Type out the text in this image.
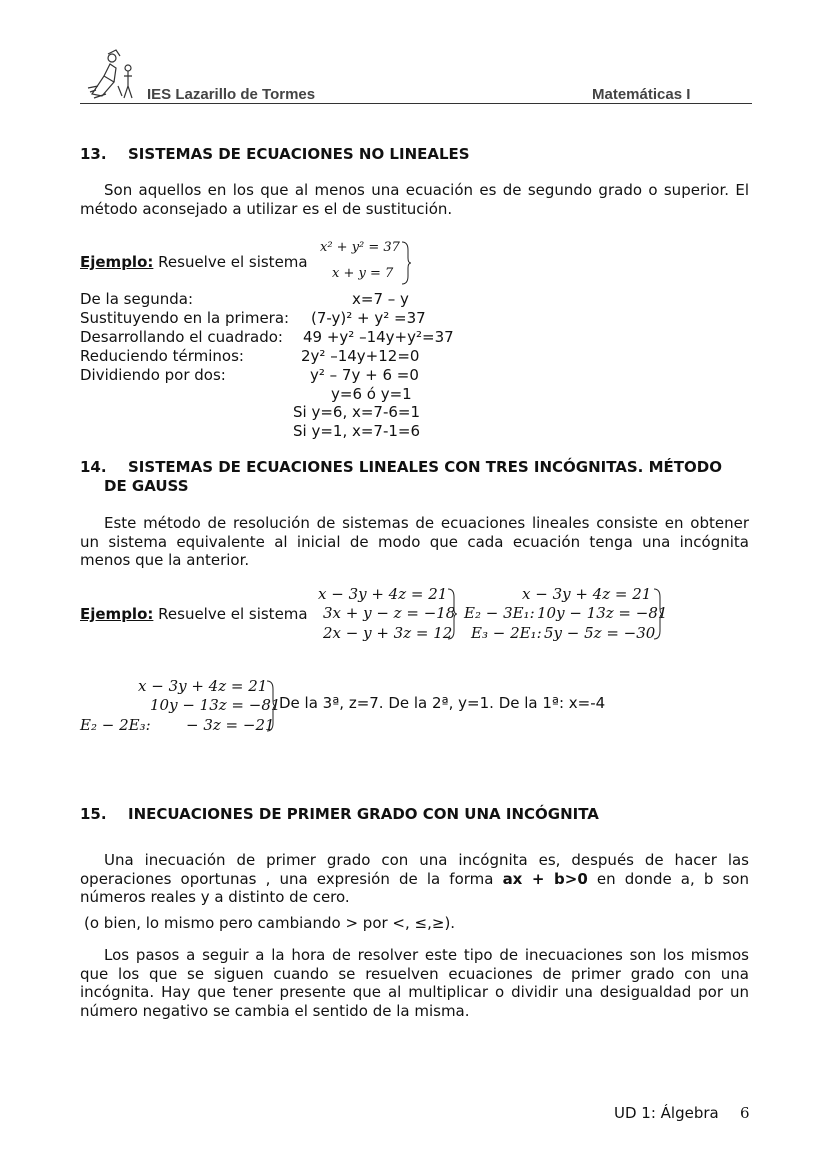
IES Lazarillo de Tormes	Matemáticas I
13. SISTEMAS DE ECUACIONES NO LINEALES

Son aquellos en los que al menos una ecuación es de segundo grado o superior. El método aconsejado a utilizar es el de sustitución.

Ejemplo: Resuelve el sistema
x² + y² = 37
x + y = 7
De la segunda:	x=7 – y
Sustituyendo en la primera: (7-y)² + y² =37
Desarrollando el cuadrado: 49 +y² –14y+y²=37
Reduciendo términos:	2y² –14y+12=0
Dividiendo por dos:	y² – 7y + 6 =0
y=6 ó y=1
Si y=6, x=7-6=1
Si y=1, x=7-1=6
14. SISTEMAS DE ECUACIONES LINEALES CON TRES INCÓGNITAS. MÉTODO
DE GAUSS

Este método de resolución de sistemas de ecuaciones lineales consiste en obtener un sistema equivalente al inicial de modo que cada ecuación tenga una incógnita menos que la anterior.

Ejemplo: Resuelve el sistema
x − 3y + 4z = 21
3x + y − z = −18
2x − y + 3z = 12
x − 3y + 4z = 21
E₂ − 3E₁: 10y − 13z = −81
E₃ − 2E₁: 5y − 5z = −30
x − 3y + 4z = 21
10y − 13z = −81
E₂ − 2E₃: − 3z = −21
De la 3ª, z=7. De la 2ª, y=1. De la 1ª: x=-4
15. INECUACIONES DE PRIMER GRADO CON UNA INCÓGNITA

Una inecuación de primer grado con una incógnita es, después de hacer las operaciones oportunas , una expresión de la forma ax + b>0 en donde a, b son números reales y a distinto de cero.

(o bien, lo mismo pero cambiando > por <, ≤,≥).

Los pasos a seguir a la hora de resolver este tipo de inecuaciones son los mismos que los que se siguen cuando se resuelven ecuaciones de primer grado con una incógnita. Hay que tener presente que al multiplicar o dividir una desigualdad por un número negativo se cambia el sentido de la misma.

UD 1: Álgebra 6
